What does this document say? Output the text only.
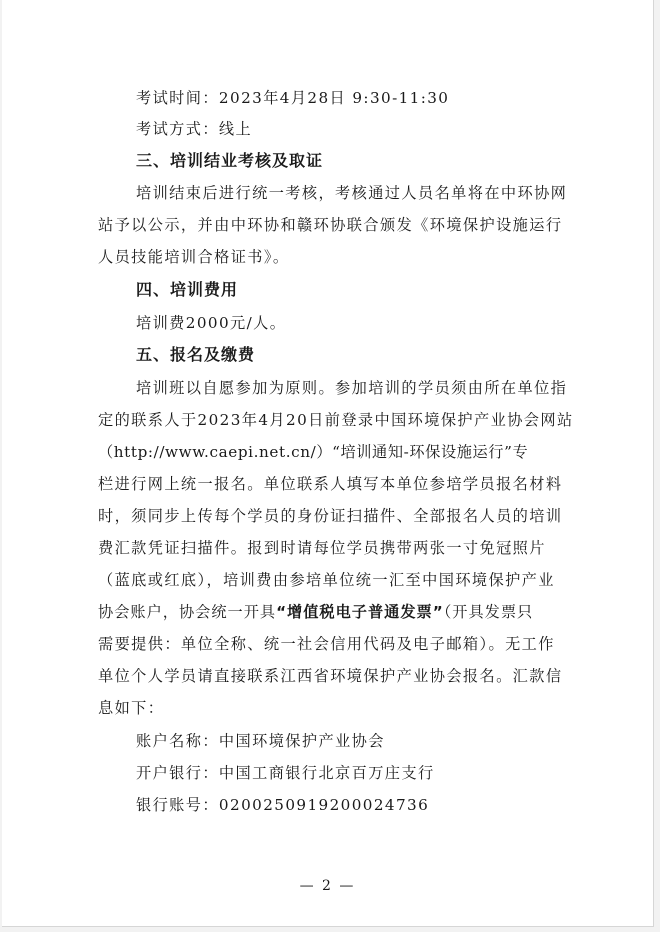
考试时间：2023年4月28日 9:30-11:30
考试方式：线上
三、培训结业考核及取证
培训结束后进行统一考核，考核通过人员名单将在中环协网
站予以公示，并由中环协和赣环协联合颁发《环境保护设施运行
人员技能培训合格证书》。
四、培训费用
培训费2000元/人。
五、报名及缴费
培训班以自愿参加为原则。参加培训的学员须由所在单位指
定的联系人于2023年4月20日前登录中国环境保护产业协会网站
（http://www.caepi.net.cn/）“培训通知-环保设施运行”专
栏进行网上统一报名。单位联系人填写本单位参培学员报名材料
时，须同步上传每个学员的身份证扫描件、全部报名人员的培训
费汇款凭证扫描件。报到时请每位学员携带两张一寸免冠照片
（蓝底或红底），培训费由参培单位统一汇至中国环境保护产业
协会账户，协会统一开具“增值税电子普通发票”（开具发票只
需要提供：单位全称、统一社会信用代码及电子邮箱）。无工作
单位个人学员请直接联系江西省环境保护产业协会报名。汇款信
息如下：
账户名称：中国环境保护产业协会
开户银行：中国工商银行北京百万庄支行
银行账号：0200250919200024736
— 2 —
